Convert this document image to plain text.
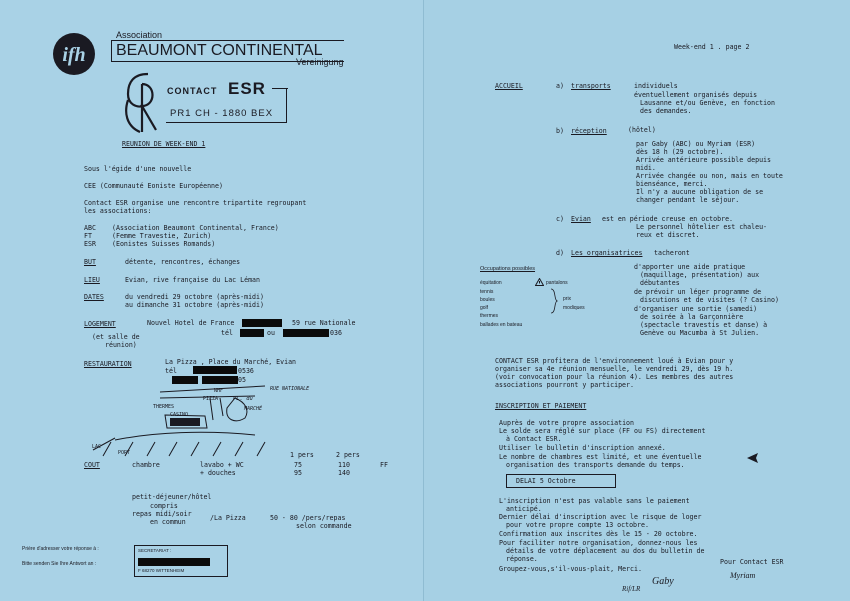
ifh
Association
BEAUMONT CONTINENTAL
Vereinigung
CONTACT ESR
PR1 CH - 1880 BEX
REUNION DE WEEK-END 1
Sous l'égide d'une nouvelle
CEE (Communauté Eoniste Européenne)
Contact ESR organise une rencontre tripartite regroupant
les associations:
ABC (Association Beaumont Continental, France)
FT	(Femme Travestie, Zurich)
ESR (Eonistes Suisses Romands)
BUT	détente, rencontres, échanges
LIEU	Evian, rive française du Lac Léman
DATES	du vendredi 29 octobre (après-midi)
au dimanche 31 octobre (après-midi)
LOGEMENT	Nouvel Hotel de France	59 rue Nationale
tél	ou	036
(et salle de
réunion)
RESTAURATION	La Pizza , Place du Marché, Evian
tél	0536
05
RUE NATIONALE
PL. du
MARCHÉ
THERMES
CASINO
PIZZA
NHF
LAC
PORT	1 pers	2 pers
COUT	chambre	lavabo + WC	75	110	FF
+ douches	95	140
petit-déjeuner/hôtel
compris
repas midi/soir
en commun	/La Pizza	50 - 80 /pers/repas
selon commande
Prière d'adresser votre réponse à :
Bitte senden Sie Ihre Antwort an :
SECRETARIAT :
F 68270 WITTENHEIM
Week-end 1 . page 2
ACCUEIL	a) transports	individuels
éventuellement organisés depuis
Lausanne et/ou Genève, en fonction
des demandes.
b) réception	(hôtel)
par Gaby (ABC) ou Myriam (ESR)
dès 18 h (29 octobre).
Arrivée antérieure possible depuis
midi.
Arrivée changée ou non, mais en toute
bienséance, merci.
Il n'y a aucune obligation de se
changer pendant le séjour.
c) Evian est en période creuse en octobre.
Le personnel hôtelier est chaleu-
reux et discret.
d) Les organisatrices tacheront
d'apporter une aide pratique
(maquillage, présentation) aux
débutantes
de prévoir un léger programme de
discutions et de visites (? Casino)
d'organiser une sortie (samedi)
de soirée à la Garçonnière
(spectacle travestis et danse) à
Genève ou Macumba à St Julien.
Occupations possibles
équitation
tennis
boules
golf
thermes
ballades en bateau
pantalons
prix
modiques
CONTACT ESR profitera de l'environnement loué à Evian pour y
organiser sa 4e réunion mensuelle, le vendredi 29, dès 19 h.
(voir convocation pour la réunion 4). Les membres des autres
associations pourront y participer.
INSCRIPTION ET PAIEMENT
Auprès de votre propre association
Le solde sera réglé sur place (FF ou FS) directement
à Contact ESR.
Utiliser le bulletin d'inscription annexé.
Le nombre de chambres est limité, et une éventuelle
organisation des transports demande du temps.
DELAI 5 Octobre
L'inscription n'est pas valable sans le paiement
anticipé.
Dernier délai d'inscription avec le risque de loger
pour votre propre compte 13 octobre.
Confirmation aux inscrites dès le 15 - 20 octobre.
Pour faciliter notre organisation, donnez-nous les
détails de votre déplacement au dos du bulletin de
réponse.
Groupez-vous,s'il-vous-plait, Merci.
Pour Contact ESR
Myriam
Rif/LR
Gaby
